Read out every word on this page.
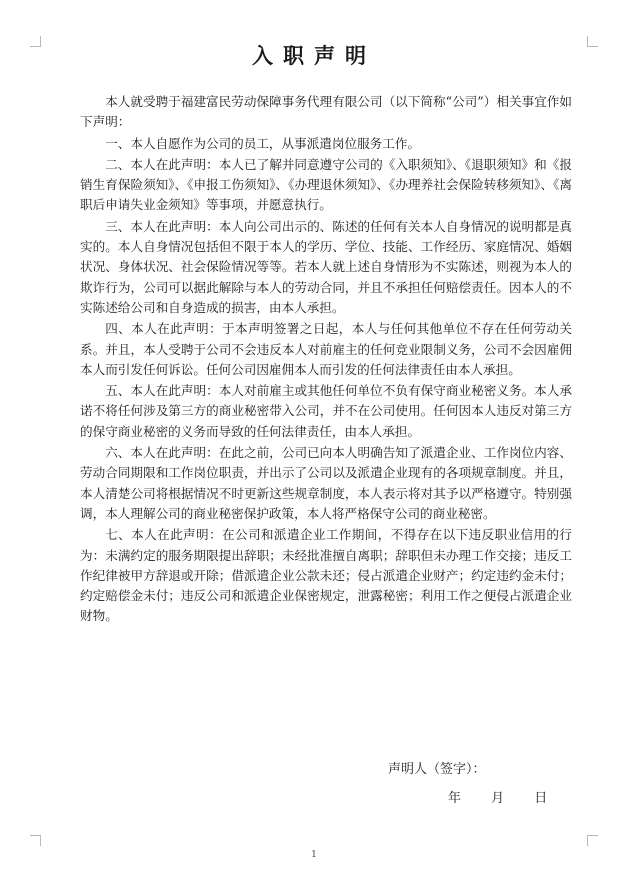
入职声明

本人就受聘于福建富民劳动保障事务代理有限公司（以下简称“公司”）相关事宜作如下声明：

一、本人自愿作为公司的员工，从事派遣岗位服务工作。

二、本人在此声明：本人已了解并同意遵守公司的《入职须知》、《退职须知》和《报销生育保险须知》、《申报工伤须知》、《办理退休须知》、《办理养社会保险转移须知》、《离职后申请失业金须知》等事项，并愿意执行。

三、本人在此声明：本人向公司出示的、陈述的任何有关本人自身情况的说明都是真实的。本人自身情况包括但不限于本人的学历、学位、技能、工作经历、家庭情况、婚姻状况、身体状况、社会保险情况等等。若本人就上述自身情形为不实陈述，则视为本人的欺诈行为，公司可以据此解除与本人的劳动合同，并且不承担任何赔偿责任。因本人的不实陈述给公司和自身造成的损害，由本人承担。

四、本人在此声明：于本声明签署之日起，本人与任何其他单位不存在任何劳动关系。并且，本人受聘于公司不会违反本人对前雇主的任何竞业限制义务，公司不会因雇佣本人而引发任何诉讼。任何公司因雇佣本人而引发的任何法律责任由本人承担。

五、本人在此声明：本人对前雇主或其他任何单位不负有保守商业秘密义务。本人承诺不将任何涉及第三方的商业秘密带入公司，并不在公司使用。任何因本人违反对第三方的保守商业秘密的义务而导致的任何法律责任，由本人承担。

六、本人在此声明：在此之前，公司已向本人明确告知了派遣企业、工作岗位内容、劳动合同期限和工作岗位职责，并出示了公司以及派遣企业现有的各项规章制度。并且，本人清楚公司将根据情况不时更新这些规章制度，本人表示将对其予以严格遵守。特别强调，本人理解公司的商业秘密保护政策，本人将严格保守公司的商业秘密。

七、本人在此声明：在公司和派遣企业工作期间，不得存在以下违反职业信用的行为：未满约定的服务期限提出辞职；未经批准擅自离职；辞职但未办理工作交接；违反工作纪律被甲方辞退或开除；借派遣企业公款未还；侵占派遣企业财产；约定违约金未付；约定赔偿金未付；违反公司和派遣企业保密规定，泄露秘密；利用工作之便侵占派遣企业财物。

声明人（签字）：
年 月 日
1
